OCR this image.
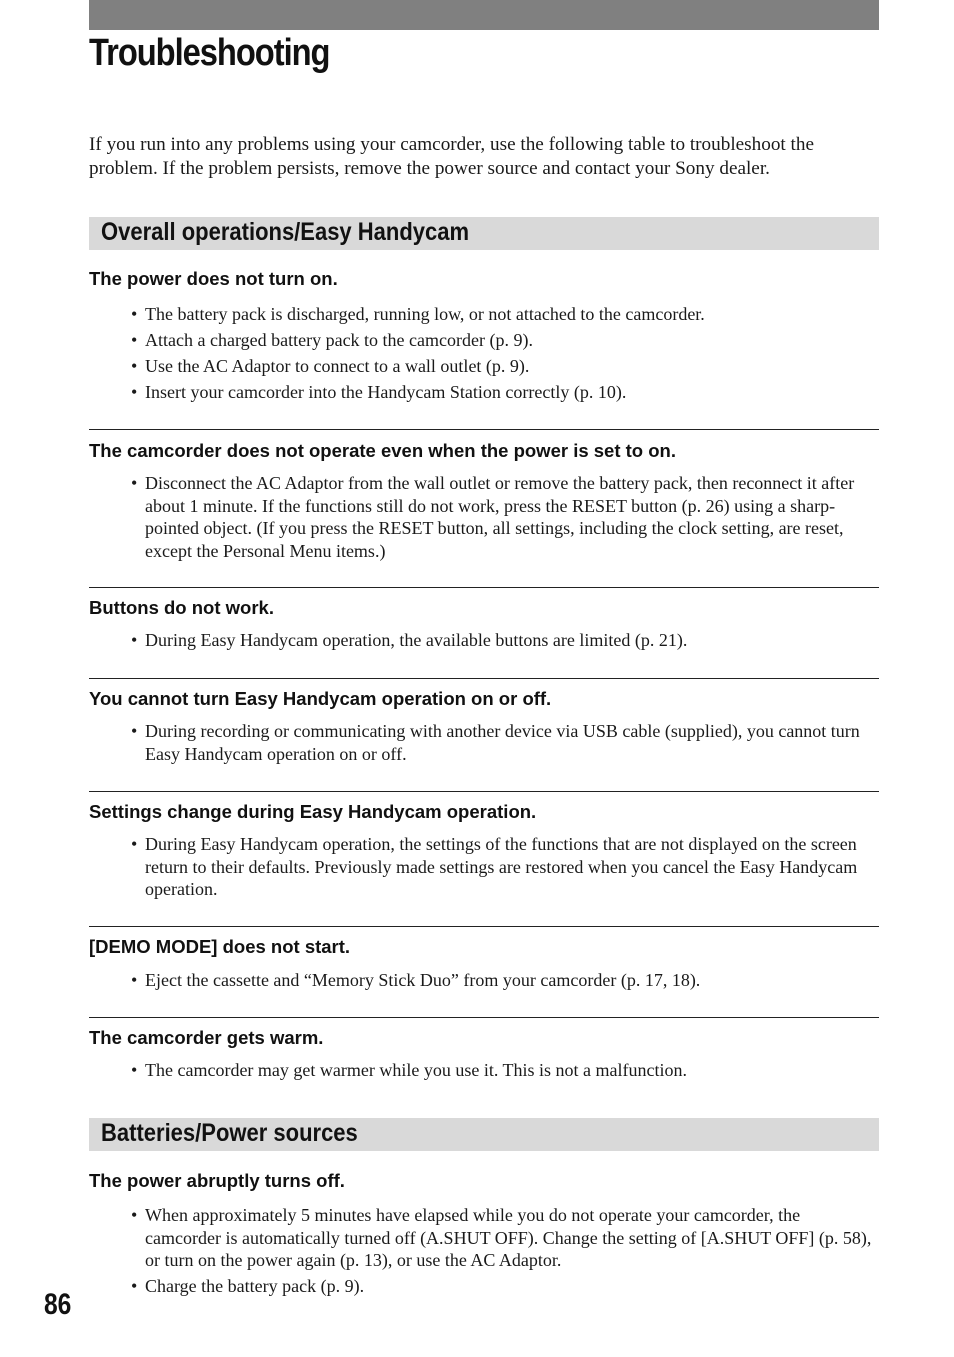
Troubleshooting

If you run into any problems using your camcorder, use the following table to troubleshoot the problem. If the problem persists, remove the power source and contact your Sony dealer.

Overall operations/Easy Handycam
The power does not turn on.
• The battery pack is discharged, running low, or not attached to the camcorder.
• Attach a charged battery pack to the camcorder (p. 9).
• Use the AC Adaptor to connect to a wall outlet (p. 9).
• Insert your camcorder into the Handycam Station correctly (p. 10).
The camcorder does not operate even when the power is set to on.
• Disconnect the AC Adaptor from the wall outlet or remove the battery pack, then reconnect it after about 1 minute. If the functions still do not work, press the RESET button (p. 26) using a sharp-pointed object. (If you press the RESET button, all settings, including the clock setting, are reset, except the Personal Menu items.)
Buttons do not work.
• During Easy Handycam operation, the available buttons are limited (p. 21).
You cannot turn Easy Handycam operation on or off.
• During recording or communicating with another device via USB cable (supplied), you cannot turn Easy Handycam operation on or off.
Settings change during Easy Handycam operation.
• During Easy Handycam operation, the settings of the functions that are not displayed on the screen return to their defaults. Previously made settings are restored when you cancel the Easy Handycam operation.
[DEMO MODE] does not start.
• Eject the cassette and “Memory Stick Duo” from your camcorder (p. 17, 18).
The camcorder gets warm.
• The camcorder may get warmer while you use it. This is not a malfunction.
Batteries/Power sources
The power abruptly turns off.
• When approximately 5 minutes have elapsed while you do not operate your camcorder, the camcorder is automatically turned off (A.SHUT OFF). Change the setting of [A.SHUT OFF] (p. 58), or turn on the power again (p. 13), or use the AC Adaptor.
• Charge the battery pack (p. 9).
86
